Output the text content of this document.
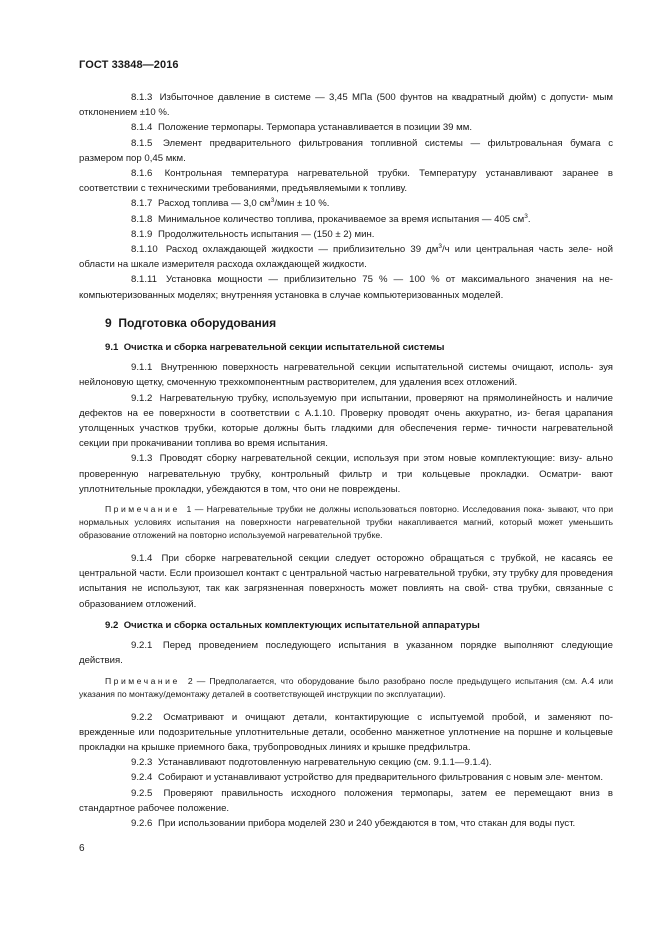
ГОСТ 33848—2016

8.1.3 Избыточное давление в системе — 3,45 МПа (500 фунтов на квадратный дюйм) с допусти- мым отклонением ±10 %.

8.1.4 Положение термопары. Термопара устанавливается в позиции 39 мм.

8.1.5 Элемент предварительного фильтрования топливной системы — фильтровальная бумага с размером пор 0,45 мкм.

8.1.6 Контрольная температура нагревательной трубки. Температуру устанавливают заранее в соответствии с техническими требованиями, предъявляемыми к топливу.

8.1.7 Расход топлива — 3,0 $см^3$/мин ± 10 %.

8.1.8 Минимальное количество топлива, прокачиваемое за время испытания — 405 $см^3$.

8.1.9 Продолжительность испытания — (150 ± 2) мин.

8.1.10 Расход охлаждающей жидкости — приблизительно 39 $дм^3/ч$ или центральная часть зеле- ной области на шкале измерителя расхода охлаждающей жидкости.

8.1.11 Установка мощности — приблизительно 75 % — 100 % от максимального значения на не- компьютеризованных моделях; внутренняя установка в случае компьютеризованных моделей.

9 Подготовка оборудования
9.1 Очистка и сборка нагревательной секции испытательной системы

9.1.1 Внутреннюю поверхность нагревательной секции испытательной системы очищают, исполь- зуя нейлоновую щетку, смоченную трехкомпонентным растворителем, для удаления всех отложений.

9.1.2 Нагревательную трубку, используемую при испытании, проверяют на прямолинейность и наличие дефектов на ее поверхности в соответствии с А.1.10. Проверку проводят очень аккуратно, из- бегая царапания утолщенных участков трубки, которые должны быть гладкими для обеспечения герме- тичности нагревательной секции при прокачивании топлива во время испытания.

9.1.3 Проводят сборку нагревательной секции, используя при этом новые комплектующие: визу- ально проверенную нагревательную трубку, контрольный фильтр и три кольцевые прокладки. Осматри- вают уплотнительные прокладки, убеждаются в том, что они не повреждены.

Примечание 1 — Нагревательные трубки не должны использоваться повторно. Исследования пока- зывают, что при нормальных условиях испытания на поверхности нагревательной трубки накапливается магний, который может уменьшить образование отложений на повторно используемой нагревательной трубке.

9.1.4 При сборке нагревательной секции следует осторожно обращаться с трубкой, не касаясь ее центральной части. Если произошел контакт с центральной частью нагревательной трубки, эту трубку для проведения испытания не используют, так как загрязненная поверхность может повлиять на свой- ства трубки, связанные с образованием отложений.

9.2 Очистка и сборка остальных комплектующих испытательной аппаратуры

9.2.1 Перед проведением последующего испытания в указанном порядке выполняют следующие действия.

Примечание 2 — Предполагается, что оборудование было разобрано после предыдущего испытания (см. А.4 или указания по монтажу/демонтажу деталей в соответствующей инструкции по эксплуатации).

9.2.2 Осматривают и очищают детали, контактирующие с испытуемой пробой, и заменяют по- врежденные или подозрительные уплотнительные детали, особенно манжетное уплотнение на поршне и кольцевые прокладки на крышке приемного бака, трубопроводных линиях и крышке предфильтра.

9.2.3 Устанавливают подготовленную нагревательную секцию (см. 9.1.1—9.1.4).

9.2.4 Собирают и устанавливают устройство для предварительного фильтрования с новым эле- ментом.

9.2.5 Проверяют правильность исходного положения термопары, затем ее перемещают вниз в стандартное рабочее положение.

9.2.6 При использовании прибора моделей 230 и 240 убеждаются в том, что стакан для воды пуст.

6
